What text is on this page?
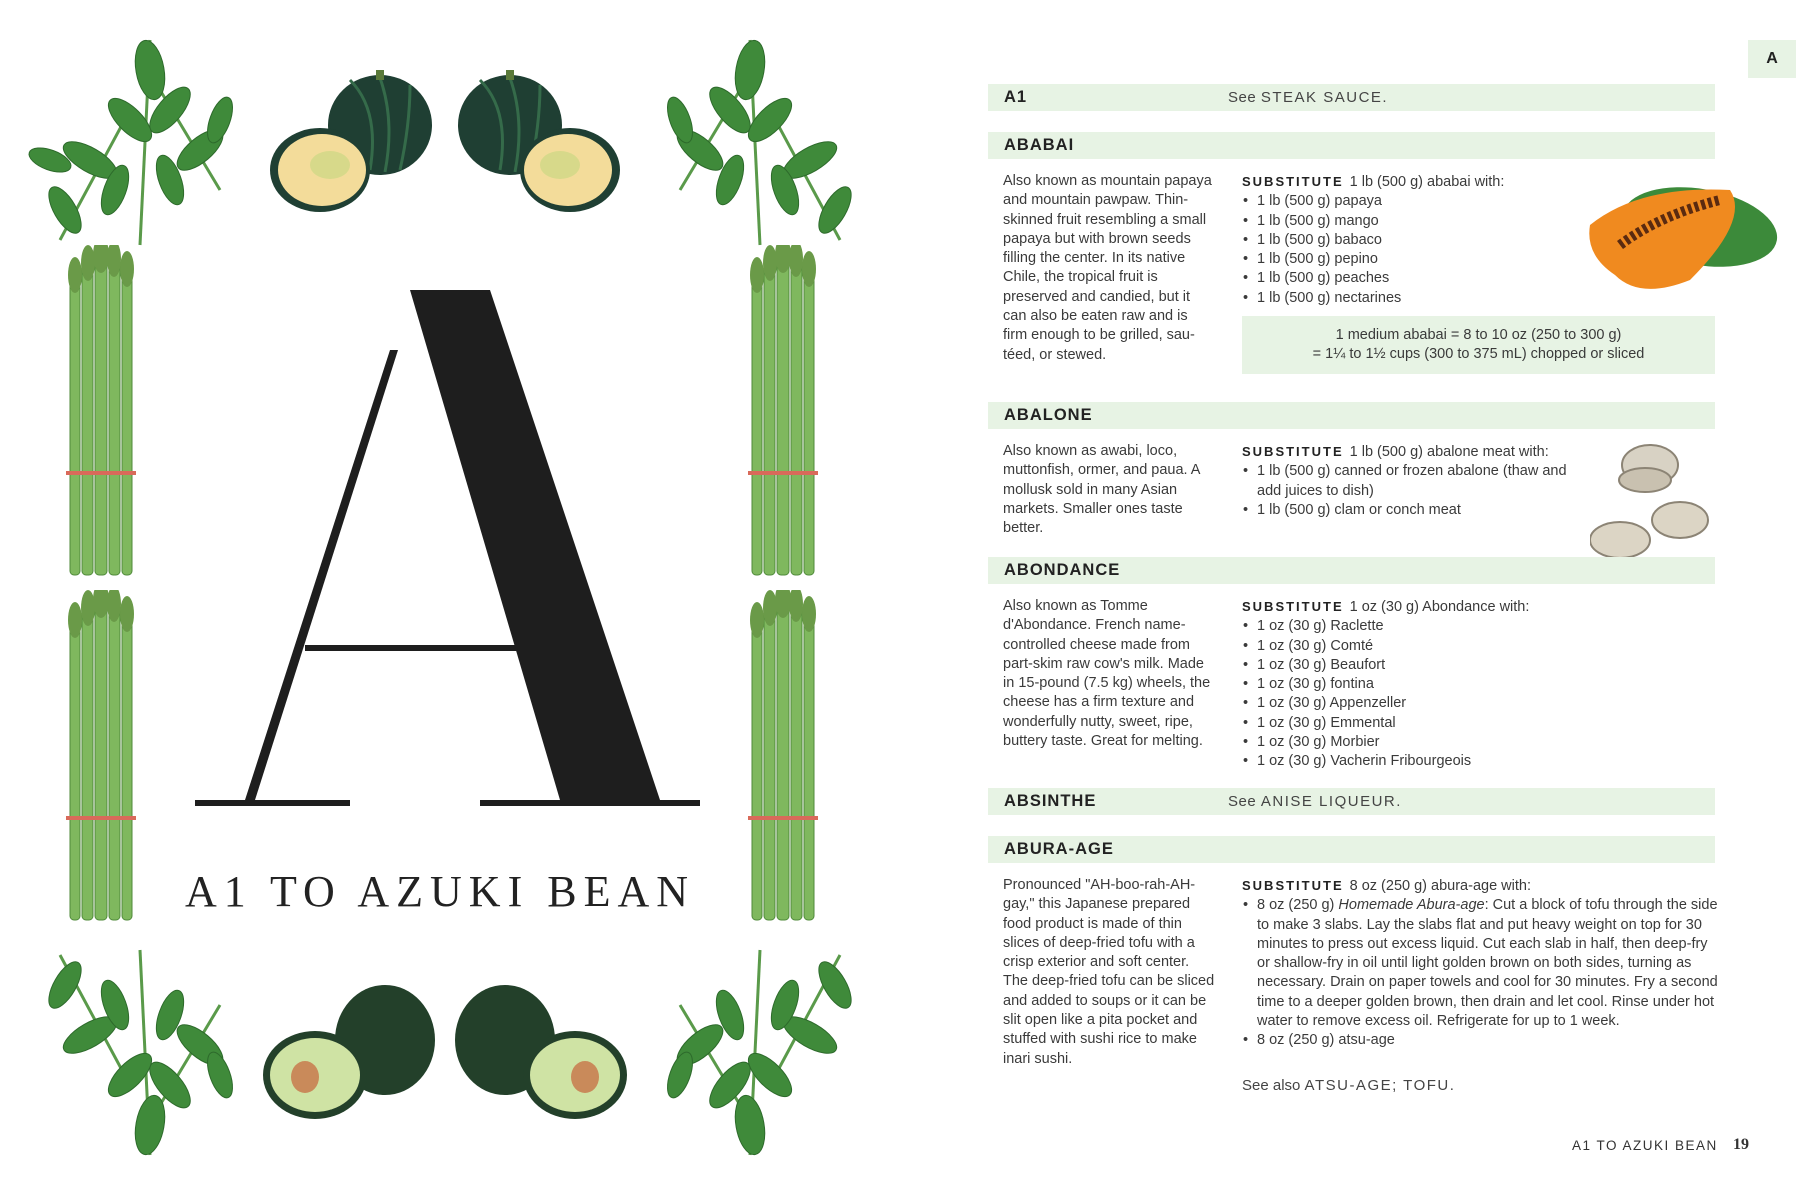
A1 TO AZUKI BEAN
A
A1	See STEAK SAUCE.
ABABAI
Also known as mountain papaya and mountain pawpaw. Thin-skinned fruit resembling a small papaya but with brown seeds filling the center. In its native Chile, the tropical fruit is preserved and candied, but it can also be eaten raw and is firm enough to be grilled, sau-téed, or stewed.
SUBSTITUTE 1 lb (500 g) ababai with:
• 1 lb (500 g) papaya
• 1 lb (500 g) mango
• 1 lb (500 g) babaco
• 1 lb (500 g) pepino
• 1 lb (500 g) peaches
• 1 lb (500 g) nectarines
1 medium ababai = 8 to 10 oz (250 to 300 g)
= 1¼ to 1½ cups (300 to 375 mL) chopped or sliced
ABALONE
Also known as awabi, loco, muttonfish, ormer, and paua. A mollusk sold in many Asian markets. Smaller ones taste better.
SUBSTITUTE 1 lb (500 g) abalone meat with:
• 1 lb (500 g) canned or frozen abalone (thaw and add juices to dish)
• 1 lb (500 g) clam or conch meat
ABONDANCE
Also known as Tomme d'Abondance. French name-controlled cheese made from part-skim raw cow's milk. Made in 15-pound (7.5 kg) wheels, the cheese has a firm texture and wonderfully nutty, sweet, ripe, buttery taste. Great for melting.
SUBSTITUTE 1 oz (30 g) Abondance with:
• 1 oz (30 g) Raclette
• 1 oz (30 g) Comté
• 1 oz (30 g) Beaufort
• 1 oz (30 g) fontina
• 1 oz (30 g) Appenzeller
• 1 oz (30 g) Emmental
• 1 oz (30 g) Morbier
• 1 oz (30 g) Vacherin Fribourgeois
ABSINTHE	See ANISE LIQUEUR.
ABURA-AGE
Pronounced "AH-boo-rah-AH-gay," this Japanese prepared food product is made of thin slices of deep-fried tofu with a crisp exterior and soft center. The deep-fried tofu can be sliced and added to soups or it can be slit open like a pita pocket and stuffed with sushi rice to make inari sushi.
SUBSTITUTE 8 oz (250 g) abura-age with:
• 8 oz (250 g) Homemade Abura-age: Cut a block of tofu through the side to make 3 slabs. Lay the slabs flat and put heavy weight on top for 30 minutes to press out excess liquid. Cut each slab in half, then deep-fry or shallow-fry in oil until light golden brown on both sides, turning as necessary. Drain on paper towels and cool for 30 minutes. Fry a second time to a deeper golden brown, then drain and let cool. Rinse under hot water to remove excess oil. Refrigerate for up to 1 week.
• 8 oz (250 g) atsu-age
See also ATSU-AGE; TOFU.
A1 TO AZUKI BEAN 19
